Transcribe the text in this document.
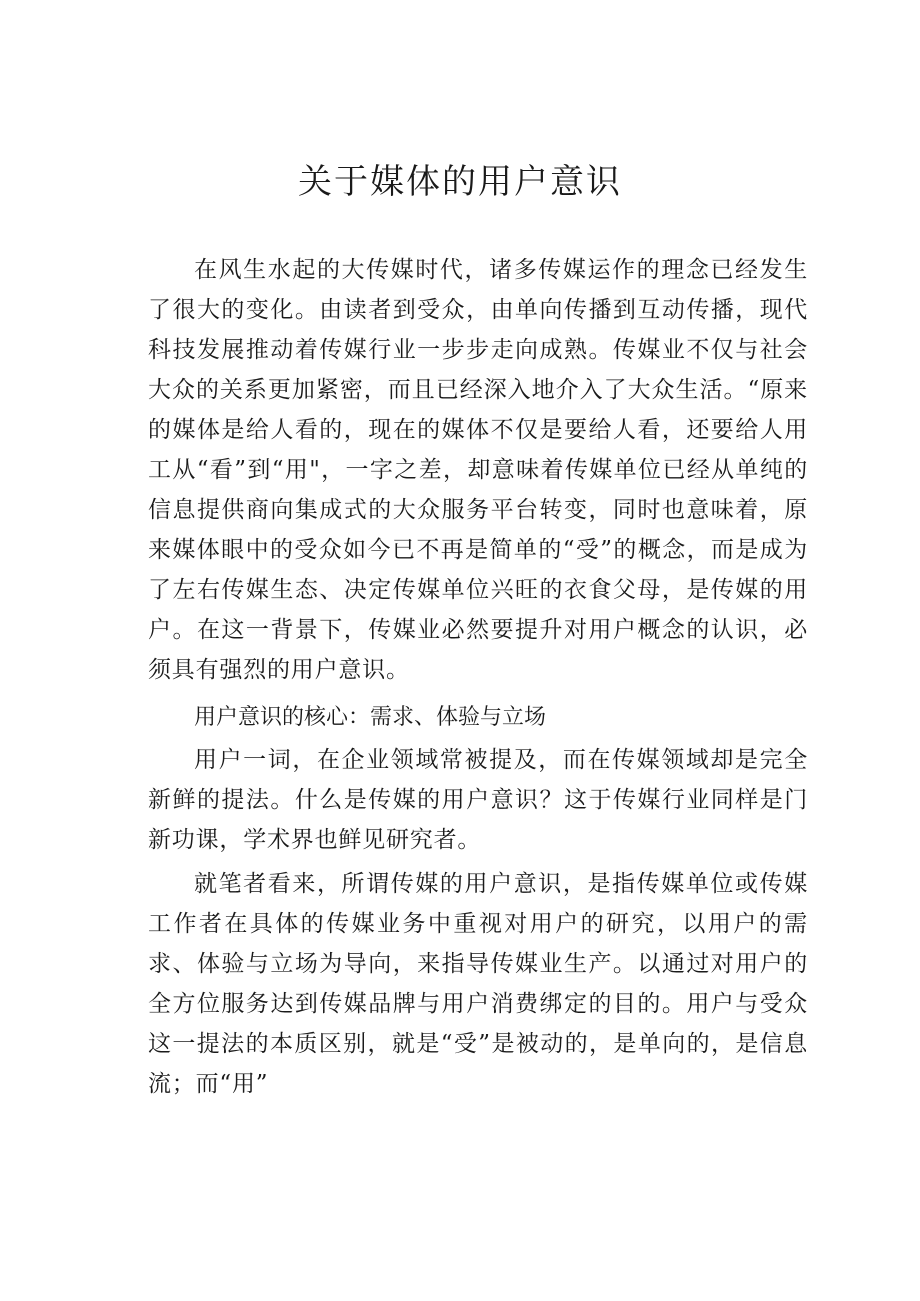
关于媒体的用户意识

在风生水起的大传媒时代，诸多传媒运作的理念已经发生了很大的变化。由读者到受众，由单向传播到互动传播，现代科技发展推动着传媒行业一步步走向成熟。传媒业不仅与社会大众的关系更加紧密，而且已经深入地介入了大众生活。“原来的媒体是给人看的，现在的媒体不仅是要给人看，还要给人用工从“看”到“用"，一字之差，却意味着传媒单位已经从单纯的信息提供商向集成式的大众服务平台转变，同时也意味着，原来媒体眼中的受众如今已不再是简单的“受”的概念，而是成为了左右传媒生态、决定传媒单位兴旺的衣食父母，是传媒的用户。在这一背景下，传媒业必然要提升对用户概念的认识，必须具有强烈的用户意识。

用户意识的核心：需求、体验与立场

用户一词，在企业领域常被提及，而在传媒领域却是完全新鲜的提法。什么是传媒的用户意识？这于传媒行业同样是门新功课，学术界也鲜见研究者。

就笔者看来，所谓传媒的用户意识，是指传媒单位或传媒工作者在具体的传媒业务中重视对用户的研究，以用户的需求、体验与立场为导向，来指导传媒业生产。以通过对用户的全方位服务达到传媒品牌与用户消费绑定的目的。用户与受众这一提法的本质区别，就是“受”是被动的，是单向的，是信息流；而“用”
